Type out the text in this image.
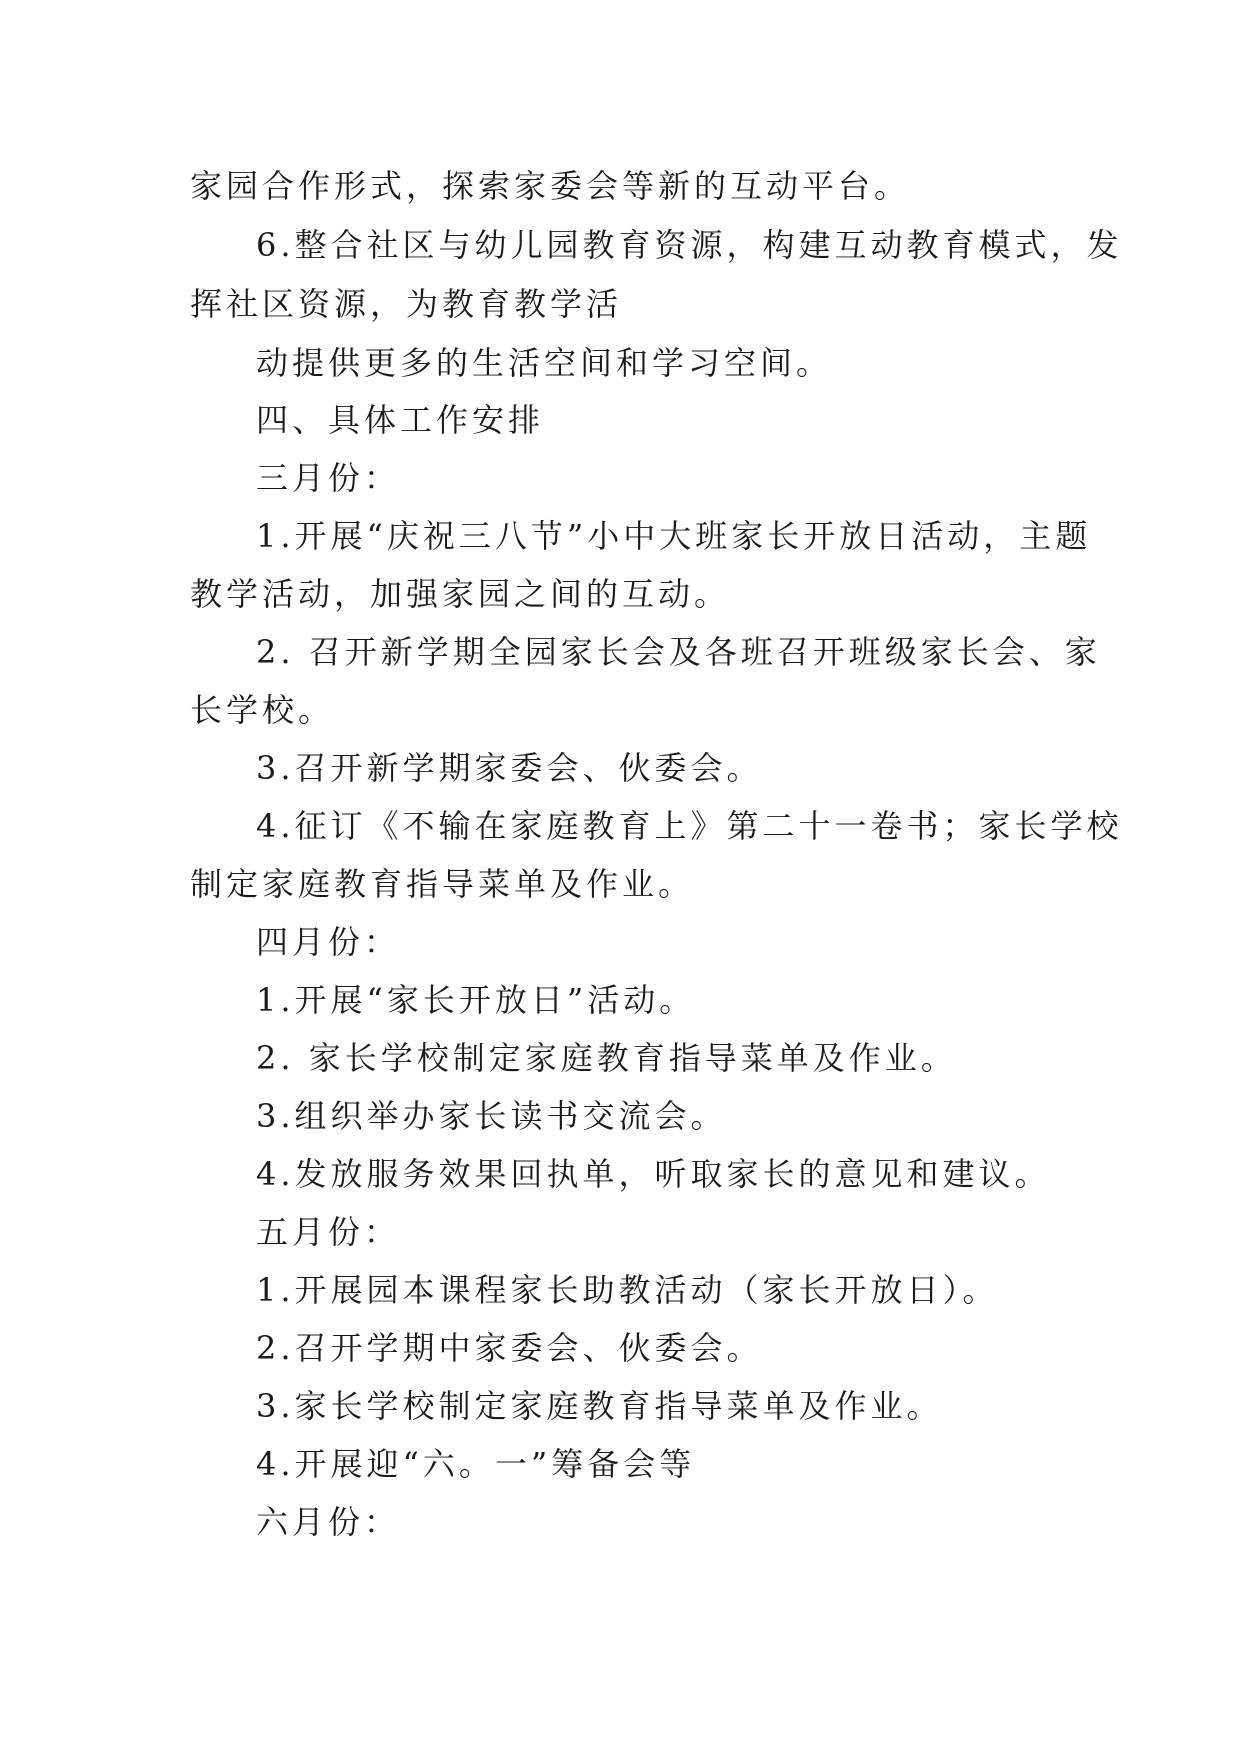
家园合作形式，探索家委会等新的互动平台。
6.整合社区与幼儿园教育资源，构建互动教育模式，发
挥社区资源，为教育教学活
动提供更多的生活空间和学习空间。
四、具体工作安排
三月份：
1.开展“庆祝三八节”小中大班家长开放日活动，主题
教学活动，加强家园之间的互动。
2. 召开新学期全园家长会及各班召开班级家长会、家
长学校。
3.召开新学期家委会、伙委会。
4.征订《不输在家庭教育上》第二十一卷书；家长学校
制定家庭教育指导菜单及作业。
四月份：
1.开展“家长开放日”活动。
2. 家长学校制定家庭教育指导菜单及作业。
3.组织举办家长读书交流会。
4.发放服务效果回执单，听取家长的意见和建议。
五月份：
1.开展园本课程家长助教活动（家长开放日）。
2.召开学期中家委会、伙委会。
3.家长学校制定家庭教育指导菜单及作业。
4.开展迎“六。一”筹备会等
六月份：
